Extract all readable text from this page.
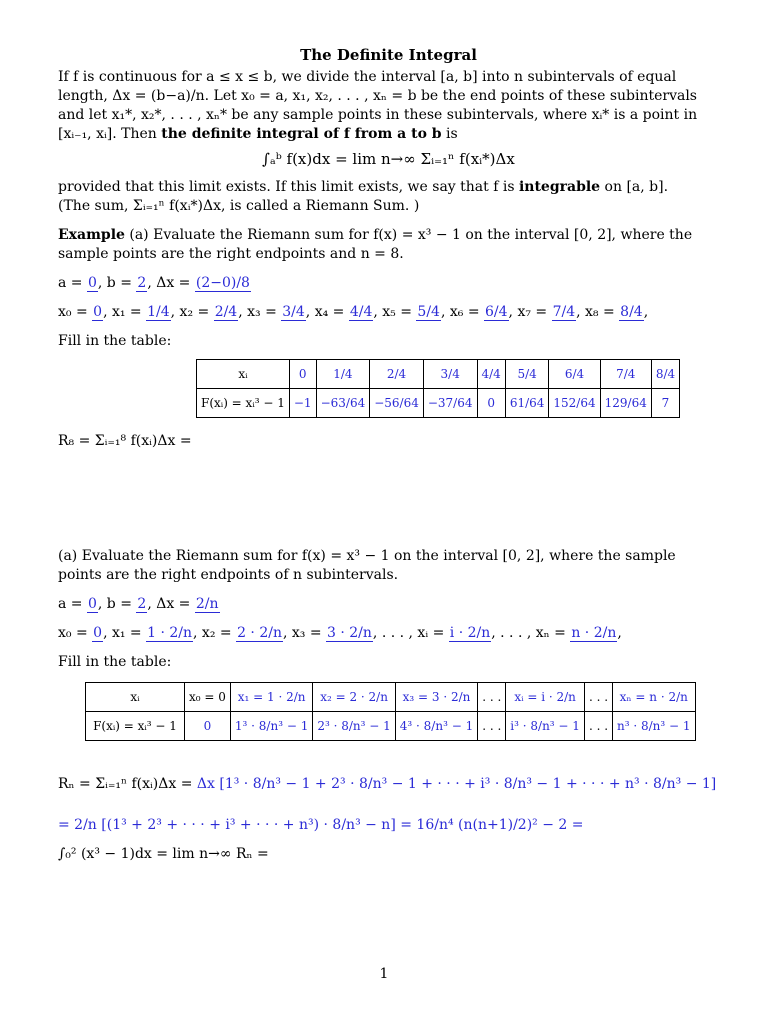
The Definite Integral

If f is continuous for a ≤ x ≤ b, we divide the interval [a, b] into n subintervals of equal length, Δx = (b−a)/n. Let x₀ = a, x₁, x₂, . . . , xₙ = b be the end points of these subintervals and let x₁*, x₂*, . . . , xₙ* be any sample points in these subintervals, where xᵢ* is a point in [xᵢ₋₁, xᵢ]. Then the definite integral of f from a to b is

∫ₐᵇ f(x)dx = lim n→∞ Σᵢ₌₁ⁿ f(xᵢ*)Δx

provided that this limit exists. If this limit exists, we say that f is integrable on [a, b].

(The sum, Σᵢ₌₁ⁿ f(xᵢ*)Δx, is called a Riemann Sum. )

Example (a) Evaluate the Riemann sum for f(x) = x³ − 1 on the interval [0, 2], where the sample points are the right endpoints and n = 8.

a = 0, b = 2, Δx = (2−0)/8

x₀ = 0, x₁ = 1/4, x₂ = 2/4, x₃ = 3/4, x₄ = 4/4, x₅ = 5/4, x₆ = 6/4, x₇ = 7/4, x₈ = 8/4,

Fill in the table:

xᵢ	0	1/4	2/4	3/4	4/4	5/4	6/4	7/4	8/4
F(xᵢ) = xᵢ³ − 1	−1	−63/64	−56/64	−37/64	0	61/64	152/64	129/64	7

R₈ = Σᵢ₌₁⁸ f(xᵢ)Δx =

(a) Evaluate the Riemann sum for f(x) = x³ − 1 on the interval [0, 2], where the sample points are the right endpoints of n subintervals.

a = 0, b = 2, Δx = 2/n

x₀ = 0, x₁ = 1 · 2/n, x₂ = 2 · 2/n, x₃ = 3 · 2/n, . . . , xᵢ = i · 2/n, . . . , xₙ = n · 2/n,

Fill in the table:

xᵢ	x₀ = 0	x₁ = 1 · 2/n	x₂ = 2 · 2/n	x₃ = 3 · 2/n	. . .	xᵢ = i · 2/n	. . .	xₙ = n · 2/n
F(xᵢ) = xᵢ³ − 1	0	1³ · 8/n³ − 1	2³ · 8/n³ − 1	4³ · 8/n³ − 1	. . .	i³ · 8/n³ − 1	. . .	n³ · 8/n³ − 1

Rₙ = Σᵢ₌₁ⁿ f(xᵢ)Δx = Δx [1³ · 8/n³ − 1 + 2³ · 8/n³ − 1 + · · · + i³ · 8/n³ − 1 + · · · + n³ · 8/n³ − 1]

= 2/n [(1³ + 2³ + · · · + i³ + · · · + n³) · 8/n³ − n] = 16/n⁴ (n(n+1)/2)² − 2 =

∫₀² (x³ − 1)dx = lim n→∞ Rₙ =

1
